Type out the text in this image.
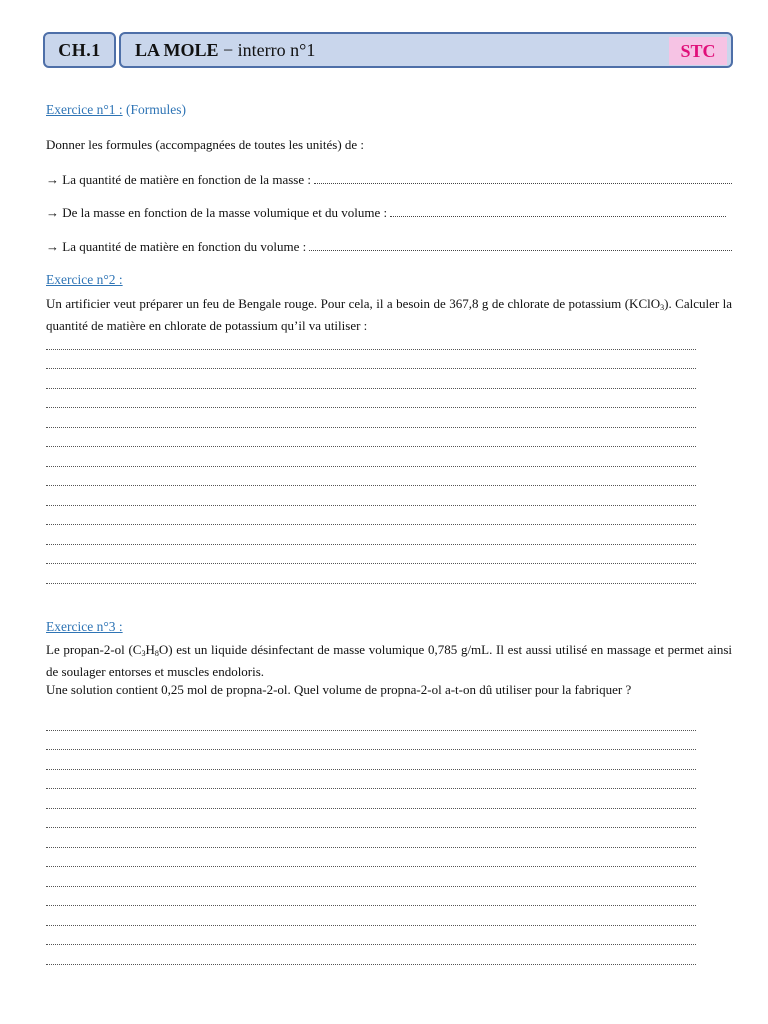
CH.1	LA MOLE − interro n°1	STC
Exercice n°1 : (Formules)
Donner les formules (accompagnées de toutes les unités) de :
→ La quantité de matière en fonction de la masse :
→ De la masse en fonction de la masse volumique et du volume :
→ La quantité de matière en fonction du volume :
Exercice n°2 :
Un artificier veut préparer un feu de Bengale rouge. Pour cela, il a besoin de 367,8 g de chlorate de potassium (KClO$_3$). Calculer la quantité de matière en chlorate de potassium qu’il va utiliser :
Exercice n°3 :
Le propan-2-ol $(C_3H_8O)$ est un liquide désinfectant de masse volumique 0,785 g/mL. Il est aussi utilisé en massage et permet ainsi de soulager entorses et muscles endoloris.
Une solution contient 0,25 mol de propna-2-ol. Quel volume de propna-2-ol a-t-on dû utiliser pour la fabriquer ?
